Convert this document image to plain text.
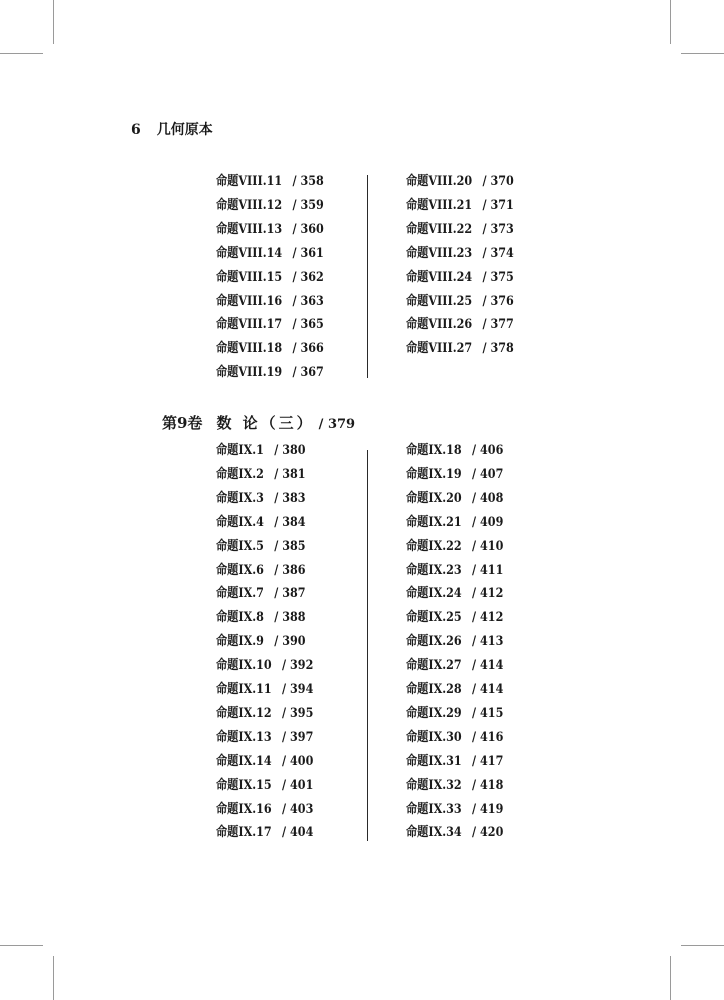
6 几何原本
命题VIII.11 / 358
命题VIII.12 / 359
命题VIII.13 / 360
命题VIII.14 / 361
命题VIII.15 / 362
命题VIII.16 / 363
命题VIII.17 / 365
命题VIII.18 / 366
命题VIII.19 / 367
命题VIII.20 / 370
命题VIII.21 / 371
命题VIII.22 / 373
命题VIII.23 / 374
命题VIII.24 / 375
命题VIII.25 / 376
命题VIII.26 / 377
命题VIII.27 / 378
第9卷 数 论（三） / 379
命题IX.1 / 380
命题IX.2 / 381
命题IX.3 / 383
命题IX.4 / 384
命题IX.5 / 385
命题IX.6 / 386
命题IX.7 / 387
命题IX.8 / 388
命题IX.9 / 390
命题IX.10 / 392
命题IX.11 / 394
命题IX.12 / 395
命题IX.13 / 397
命题IX.14 / 400
命题IX.15 / 401
命题IX.16 / 403
命题IX.17 / 404
命题IX.18 / 406
命题IX.19 / 407
命题IX.20 / 408
命题IX.21 / 409
命题IX.22 / 410
命题IX.23 / 411
命题IX.24 / 412
命题IX.25 / 412
命题IX.26 / 413
命题IX.27 / 414
命题IX.28 / 414
命题IX.29 / 415
命题IX.30 / 416
命题IX.31 / 417
命题IX.32 / 418
命题IX.33 / 419
命题IX.34 / 420
